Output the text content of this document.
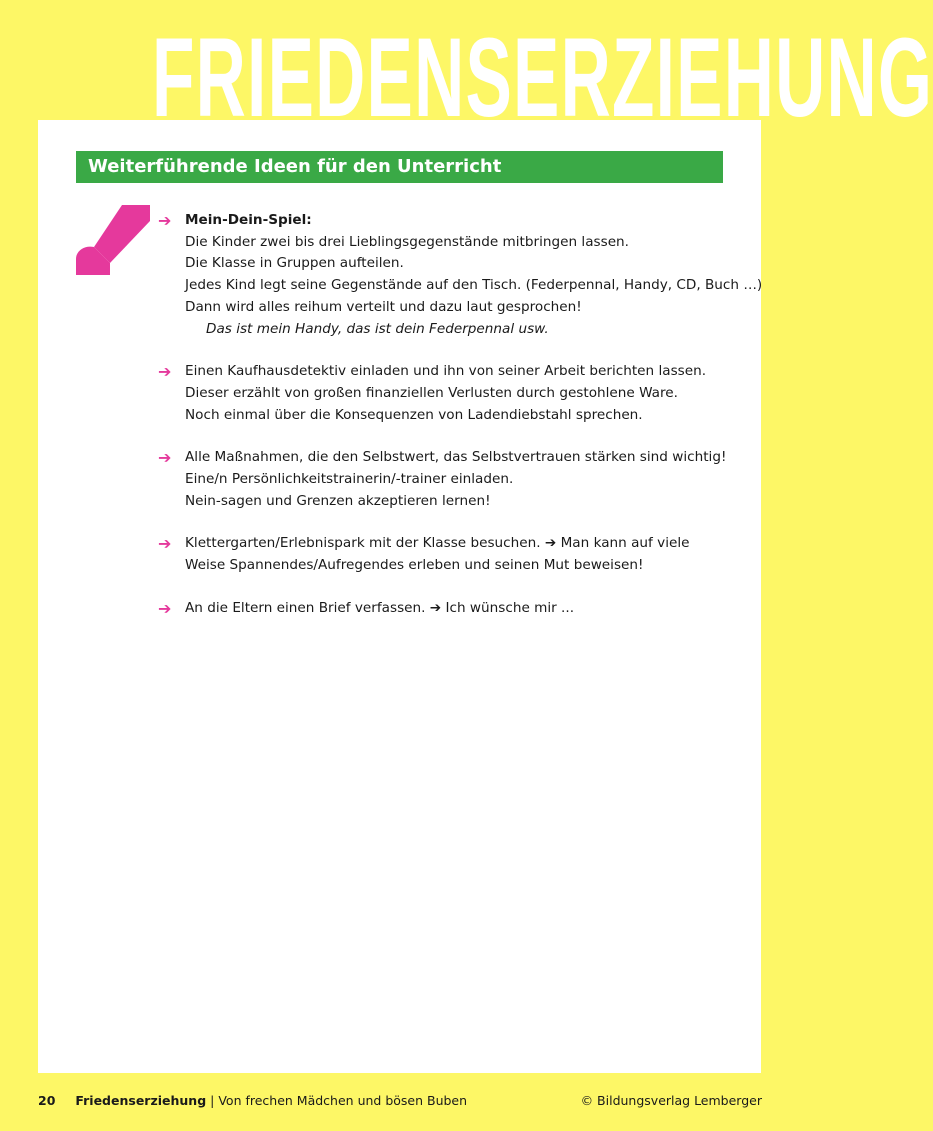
FRIEDENSERZIEHUNG
Weiterführende Ideen für den Unterricht
➔ Mein-Dein-Spiel:

Die Kinder zwei bis drei Lieblingsgegenstände mitbringen lassen.

Die Klasse in Gruppen aufteilen.

Jedes Kind legt seine Gegenstände auf den Tisch. (Federpennal, Handy, CD, Buch …)

Dann wird alles reihum verteilt und dazu laut gesprochen!

Das ist mein Handy, das ist dein Federpennal usw.

➔ Einen Kaufhausdetektiv einladen und ihn von seiner Arbeit berichten lassen.

Dieser erzählt von großen finanziellen Verlusten durch gestohlene Ware.

Noch einmal über die Konsequenzen von Ladendiebstahl sprechen.

➔ Alle Maßnahmen, die den Selbstwert, das Selbstvertrauen stärken sind wichtig!

Eine/n Persönlichkeitstrainerin/-trainer einladen.

Nein-sagen und Grenzen akzeptieren lernen!

➔ Klettergarten/Erlebnispark mit der Klasse besuchen. ➔ Man kann auf viele

Weise Spannendes/Aufregendes erleben und seinen Mut beweisen!

➔ An die Eltern einen Brief verfassen. ➔ Ich wünsche mir ...

20 Friedenserziehung | Von frechen Mädchen und bösen Buben	© Bildungsverlag Lemberger
